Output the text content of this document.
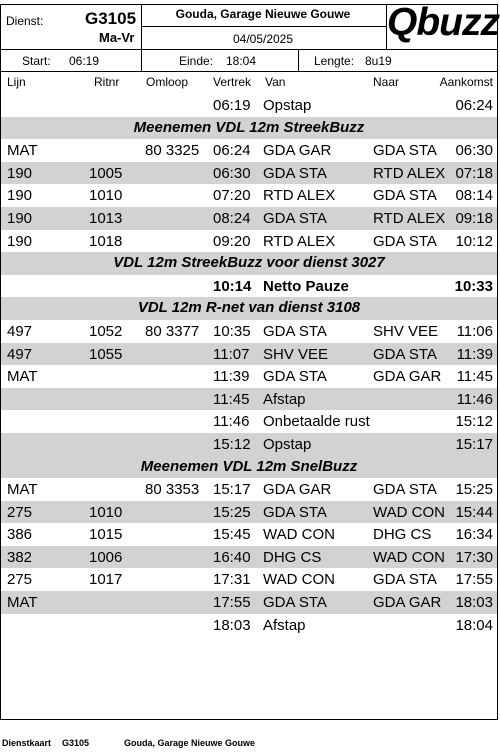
Dienst: G3105
Ma-Vr
Gouda, Garage Nieuwe Gouwe
04/05/2025	Qbuzz
Start: 06:19	Einde: 18:04	Lengte: 8u19
Lijn	Ritnr Omloop Vertrek Van	Naar	Aankomst
06:19 Opstap	06:24
Meenemen VDL 12m StreekBuzz
MAT	80 3325 06:24 GDA GAR	GDA STA 06:30
190	1005	06:30 GDA STA	RTD ALEX 07:18
190	1010	07:20 RTD ALEX	GDA STA 08:14
190	1013	08:24 GDA STA	RTD ALEX 09:18
190	1018	09:20 RTD ALEX	GDA STA 10:12
VDL 12m StreekBuzz voor dienst 3027
10:14 Netto Pauze	10:33
VDL 12m R-net van dienst 3108
497	1052 80 3377 10:35 GDA STA	SHV VEE 11:06
497	1055	11:07 SHV VEE	GDA STA 11:39
MAT	11:39 GDA STA	GDA GAR 11:45
11:45 Afstap	11:46
11:46 Onbetaalde rust	15:12
15:12 Opstap	15:17
Meenemen VDL 12m SnelBuzz
MAT	80 3353 15:17 GDA GAR	GDA STA 15:25
275	1010	15:25 GDA STA	WAD CON 15:44
386	1015	15:45 WAD CON	DHG CS 16:34
382	1006	16:40 DHG CS	WAD CON 17:30
275	1017	17:31 WAD CON	GDA STA 17:55
MAT	17:55 GDA STA	GDA GAR 18:03
18:03 Afstap	18:04
Dienstkaart G3105	Gouda, Garage Nieuwe Gouwe
